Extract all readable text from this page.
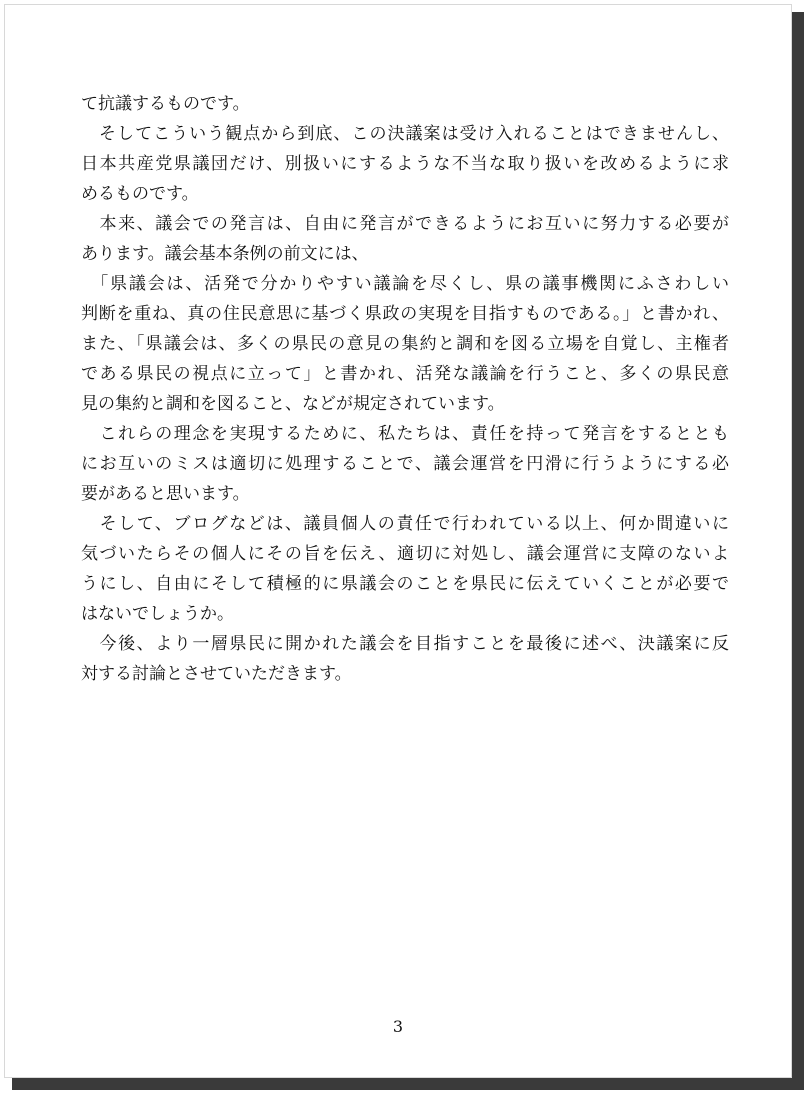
て抗議するものです。
　そしてこういう観点から到底、この決議案は受け入れることはできませんし、
日本共産党県議団だけ、別扱いにするような不当な取り扱いを改めるように求
めるものです。
　本来、議会での発言は、自由に発言ができるようにお互いに努力する必要が
あります。議会基本条例の前文には、
　「県議会は、活発で分かりやすい議論を尽くし、県の議事機関にふさわしい
判断を重ね、真の住民意思に基づく県政の実現を目指すものである。」と書かれ、
また、「県議会は、多くの県民の意見の集約と調和を図る立場を自覚し、主権者
である県民の視点に立って」と書かれ、活発な議論を行うこと、多くの県民意
見の集約と調和を図ること、などが規定されています。
　これらの理念を実現するために、私たちは、責任を持って発言をするととも
にお互いのミスは適切に処理することで、議会運営を円滑に行うようにする必
要があると思います。
　そして、ブログなどは、議員個人の責任で行われている以上、何か間違いに
気づいたらその個人にその旨を伝え、適切に対処し、議会運営に支障のないよ
うにし、自由にそして積極的に県議会のことを県民に伝えていくことが必要で
はないでしょうか。
　今後、より一層県民に開かれた議会を目指すことを最後に述べ、決議案に反
対する討論とさせていただきます。
3
